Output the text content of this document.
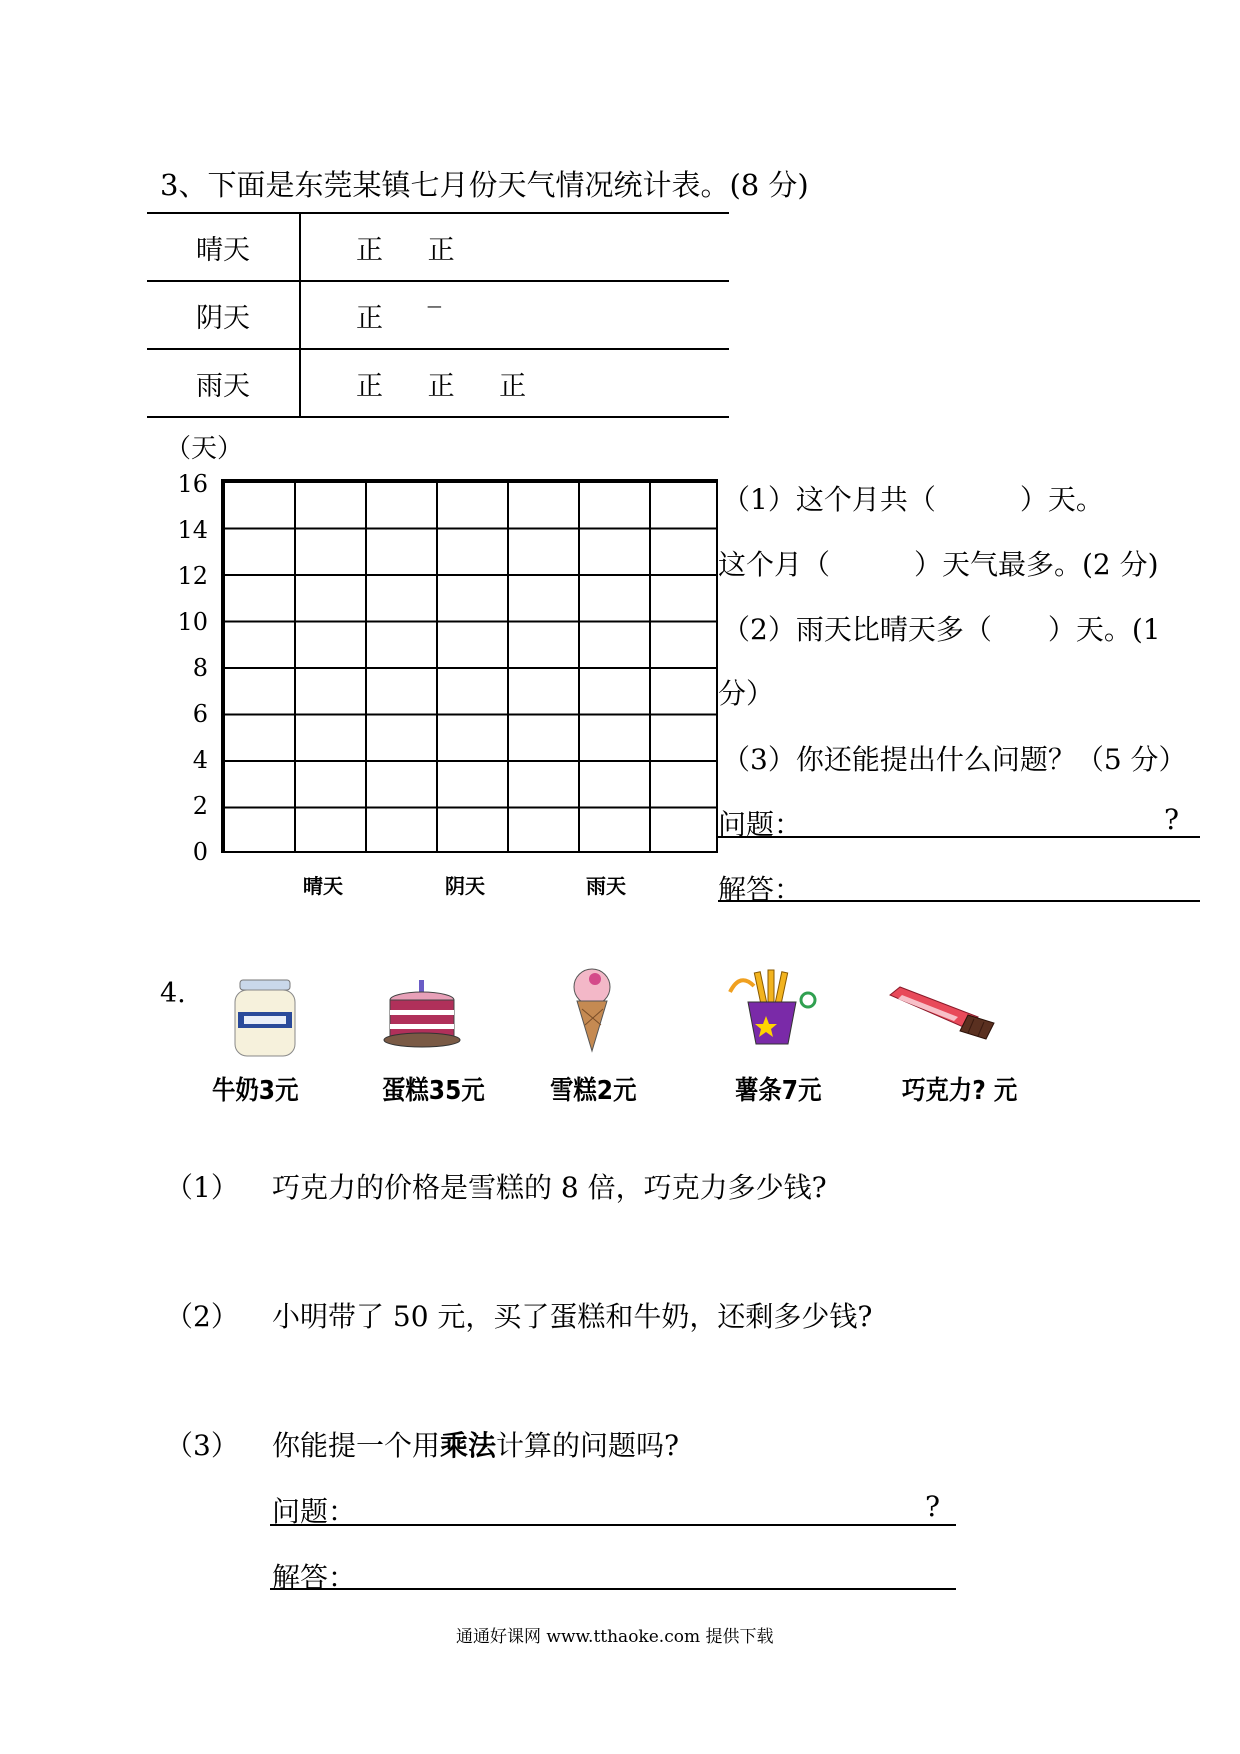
3、下面是东莞某镇七月份天气情况统计表。(8 分)
晴天	正 正
阴天	正 ‾
雨天	正 正 正
（天）
16
14
12
10
8
6
4
2
0
晴天	阴天	雨天
（1）这个月共（　　　）天。
这个月（　　　）天气最多。(2 分)
（2）雨天比晴天多（　　）天。(1
分）
（3）你还能提出什么问题？（5 分）
问题：	?
解答：
4.
牛奶3元	蛋糕35元	雪糕2元	薯条7元	巧克力? 元
（1） 巧克力的价格是雪糕的 8 倍，巧克力多少钱?
（2） 小明带了 50 元，买了蛋糕和牛奶，还剩多少钱?
（3） 你能提一个用乘法计算的问题吗?
问题：	?
解答：
通通好课网 www.tthaoke.com 提供下载
